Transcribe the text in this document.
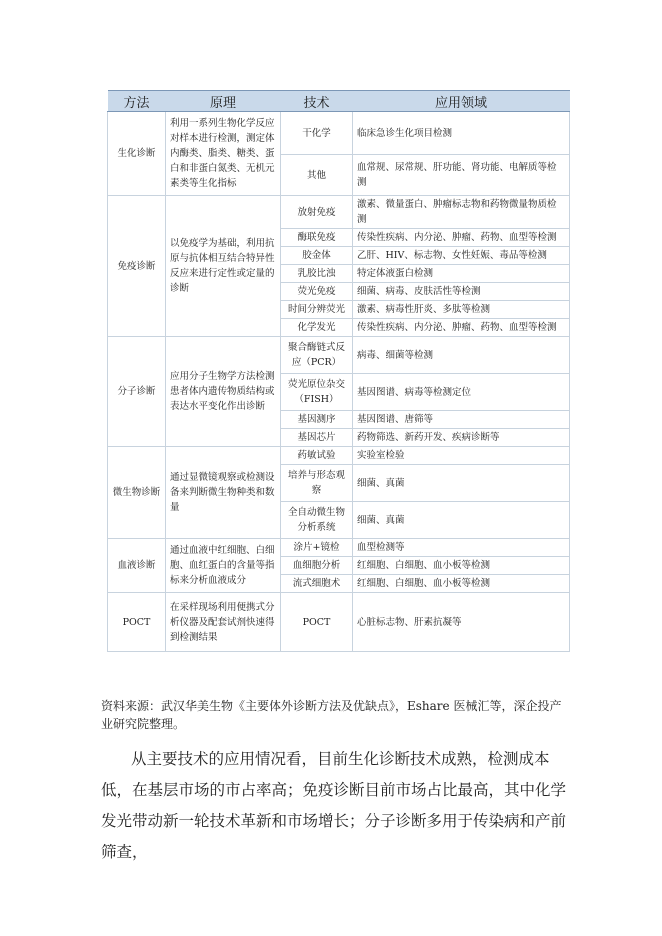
方法	原理	技术	应用领域
生化诊断	利用一系列生物化学反应对样本进行检测，测定体内酶类、脂类、糖类、蛋白和非蛋白氮类、无机元素类等生化指标	干化学	临床急诊生化项目检测
		其他	血常规、尿常规、肝功能、肾功能、电解质等检测
免疫诊断	以免疫学为基础，利用抗原与抗体相互结合特异性反应来进行定性或定量的诊断	放射免疫	激素、微量蛋白、肿瘤标志物和药物微量物质检测
		酶联免疫	传染性疾病、内分泌、肿瘤、药物、血型等检测
		胶金体	乙肝、HIV、标志物、女性妊娠、毒品等检测
		乳胶比浊	特定体液蛋白检测
		荧光免疫	细菌、病毒、皮肤活性等检测
		时间分辨荧光	激素、病毒性肝炎、多肽等检测
		化学发光	传染性疾病、内分泌、肿瘤、药物、血型等检测
分子诊断	应用分子生物学方法检测患者体内遗传物质结构或表达水平变化作出诊断	聚合酶链式反应（PCR）	病毒、细菌等检测
		荧光原位杂交（FISH）	基因图谱、病毒等检测定位
		基因测序	基因图谱、唐筛等
		基因芯片	药物筛选、新药开发、疾病诊断等
微生物诊断	通过显微镜观察或检测设备来判断微生物种类和数量	药敏试验	实验室检验
		培养与形态观察	细菌、真菌
		全自动微生物分析系统	细菌、真菌
血液诊断	通过血液中红细胞、白细胞、血红蛋白的含量等指标来分析血液成分	涂片+镜检	血型检测等
		血细胞分析	红细胞、白细胞、血小板等检测
		流式细胞术	红细胞、白细胞、血小板等检测
POCT	在采样现场利用便携式分析仪器及配套试剂快速得到检测结果	POCT	心脏标志物、肝素抗凝等
资料来源：武汉华美生物《主要体外诊断方法及优缺点》，Eshare 医械汇等，深企投产业研究院整理。
从主要技术的应用情况看，目前生化诊断技术成熟，检测成本低，在基层市场的市占率高；免疫诊断目前市场占比最高，其中化学发光带动新一轮技术革新和市场增长；分子诊断多用于传染病和产前筛查，
